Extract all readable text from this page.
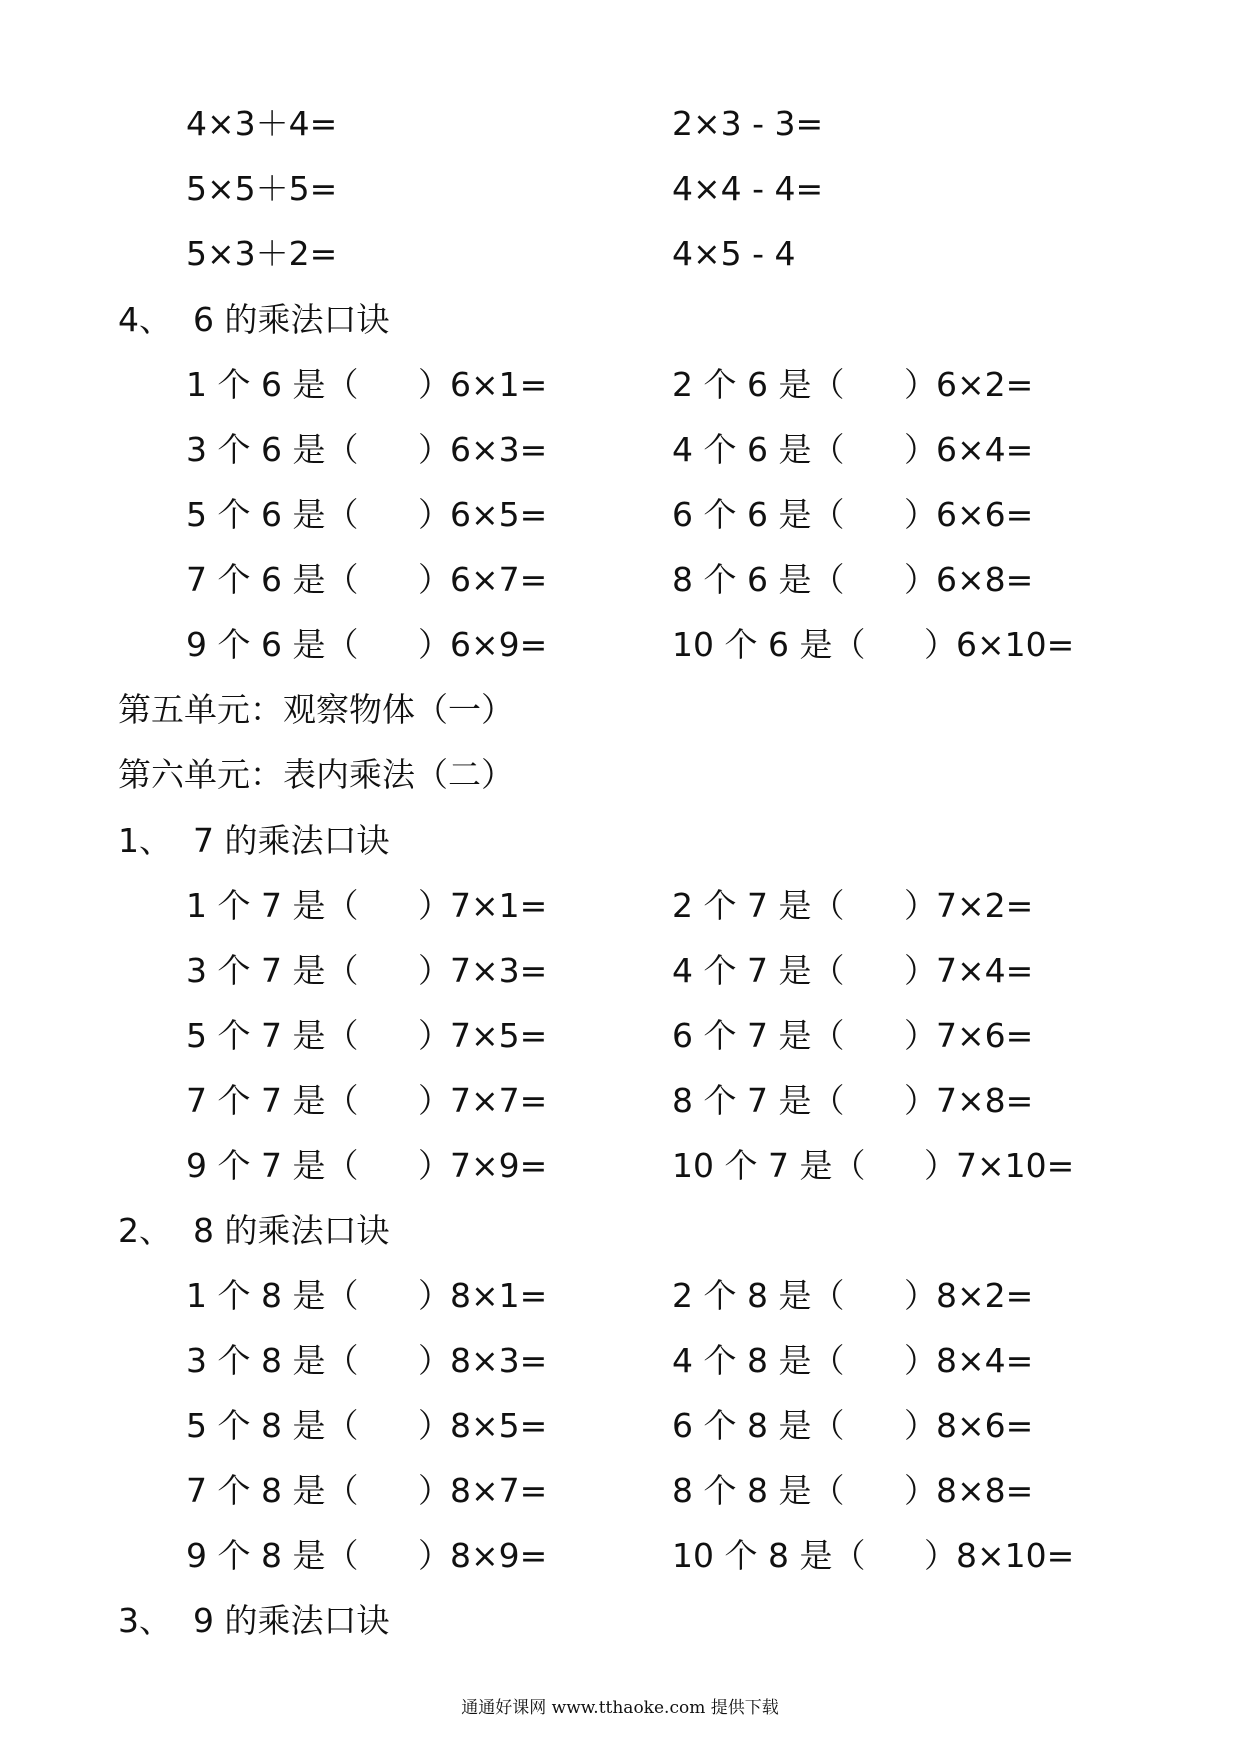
4×3＋4=	2×3 - 3=
5×5＋5=	4×4 - 4=
5×3＋2=	4×5 - 4
4、  6 的乘法口诀
1 个 6 是（ ） 6×1=	2 个 6 是（ ） 6×2=
3 个 6 是（ ） 6×3=	4 个 6 是（ ） 6×4=
5 个 6 是（ ） 6×5=	6 个 6 是（ ） 6×6=
7 个 6 是（ ） 6×7=	8 个 6 是（ ） 6×8=
9 个 6 是（ ） 6×9=	10 个 6 是（ ） 6×10=
第五单元：观察物体（一）
第六单元：表内乘法（二）
1、  7 的乘法口诀
1 个 7 是（ ） 7×1=	2 个 7 是（ ） 7×2=
3 个 7 是（ ） 7×3=	4 个 7 是（ ） 7×4=
5 个 7 是（ ） 7×5=	6 个 7 是（ ） 7×6=
7 个 7 是（ ） 7×7=	8 个 7 是（ ） 7×8=
9 个 7 是（ ） 7×9=	10 个 7 是（ ） 7×10=
2、  8 的乘法口诀
1 个 8 是（ ） 8×1=	2 个 8 是（ ） 8×2=
3 个 8 是（ ） 8×3=	4 个 8 是（ ） 8×4=
5 个 8 是（ ） 8×5=	6 个 8 是（ ） 8×6=
7 个 8 是（ ） 8×7=	8 个 8 是（ ） 8×8=
9 个 8 是（ ） 8×9=	10 个 8 是（ ） 8×10=
3、  9 的乘法口诀
通通好课网 www.tthaoke.com 提供下载
